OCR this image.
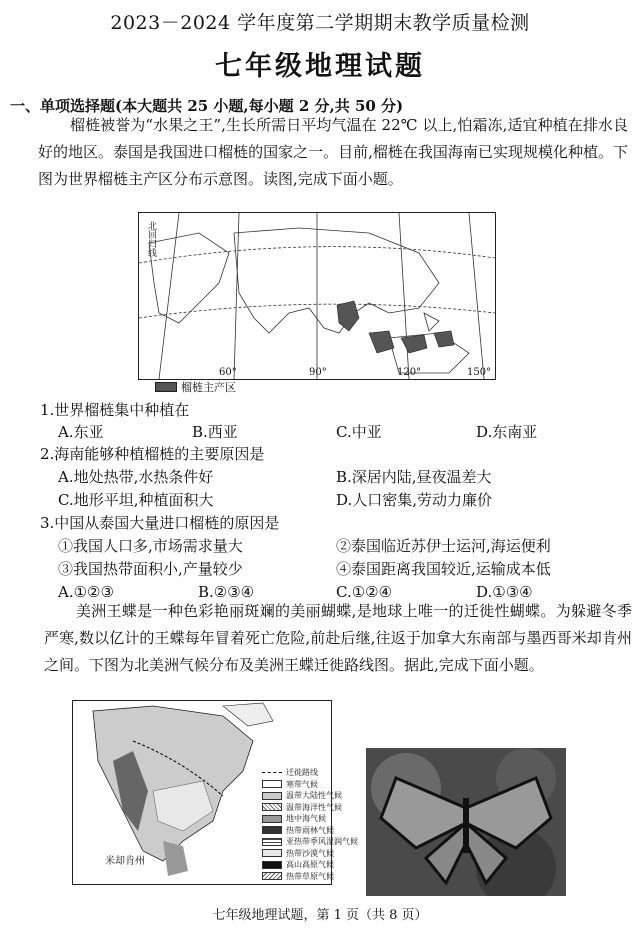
2023－2024 学年度第二学期期末教学质量检测
七年级地理试题
一、单项选择题(本大题共 25 小题,每小题 2 分,共 50 分)
榴梿被誉为“水果之王”,生长所需日平均气温在 22℃ 以上,怕霜冻,适宜种植在排水良好的地区。泰国是我国进口榴梿的国家之一。目前,榴梿在我国海南已实现规模化种植。下图为世界榴梿主产区分布示意图。读图,完成下面小题。
北回归线
60°	90°	120°	150°
榴梿主产区
1.世界榴梿集中种植在
A.东亚	B.西亚	C.中亚	D.东南亚
2.海南能够种植榴梿的主要原因是
A.地处热带,水热条件好	B.深居内陆,昼夜温差大
C.地形平坦,种植面积大	D.人口密集,劳动力廉价
3.中国从泰国大量进口榴梿的原因是
①我国人口多,市场需求量大	②泰国临近苏伊士运河,海运便利
③我国热带面积小,产量较少	④泰国距离我国较近,运输成本低
A.①②③	B.②③④	C.①②④	D.①③④
美洲王蝶是一种色彩艳丽斑斓的美丽蝴蝶,是地球上唯一的迁徙性蝴蝶。为躲避冬季严寒,数以亿计的王蝶每年冒着死亡危险,前赴后继,往返于加拿大东南部与墨西哥米却肯州之间。下图为北美洲气候分布及美洲王蝶迁徙路线图。据此,完成下面小题。
米却肯州
迁徙路线
寒带气候
温带大陆性气候
温带海洋性气候
地中海气候
热带雨林气候
亚热带季风湿润气候
热带沙漠气候
高山高原气候
热带草原气候
七年级地理试题，第 1 页（共 8 页）
